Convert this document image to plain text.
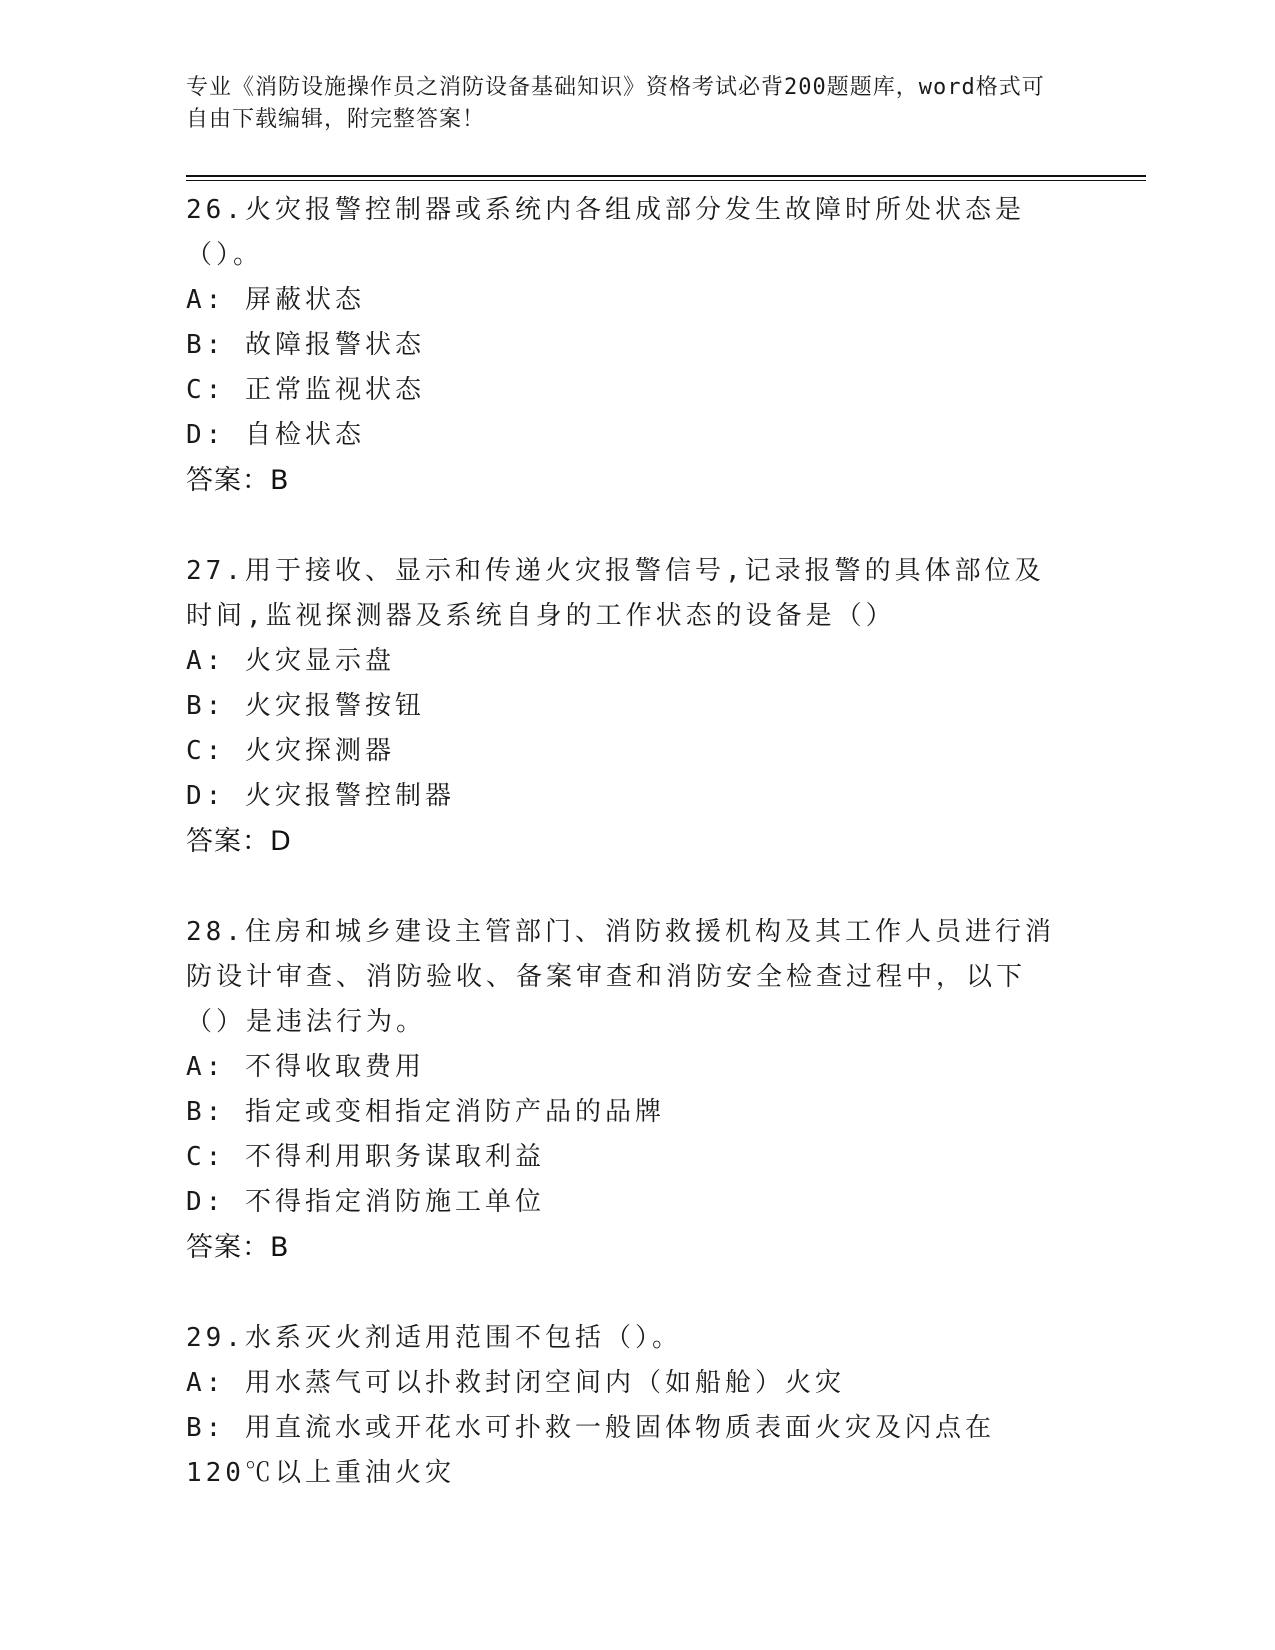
专业《消防设施操作员之消防设备基础知识》资格考试必背200题题库，word格式可自由下载编辑，附完整答案！

26.火灾报警控制器或系统内各组成部分发生故障时所处状态是（）。

A: 屏蔽状态

B: 故障报警状态

C: 正常监视状态

D: 自检状态

答案：B

27.用于接收、显示和传递火灾报警信号,记录报警的具体部位及时间,监视探测器及系统自身的工作状态的设备是（）

A: 火灾显示盘

B: 火灾报警按钮

C: 火灾探测器

D: 火灾报警控制器

答案：D

28.住房和城乡建设主管部门、消防救援机构及其工作人员进行消防设计审查、消防验收、备案审查和消防安全检查过程中，以下（）是违法行为。

A: 不得收取费用

B: 指定或变相指定消防产品的品牌

C: 不得利用职务谋取利益

D: 不得指定消防施工单位

答案：B

29.水系灭火剂适用范围不包括（）。

A: 用水蒸气可以扑救封闭空间内（如船舱）火灾

B: 用直流水或开花水可扑救一般固体物质表面火灾及闪点在120℃以上重油火灾
